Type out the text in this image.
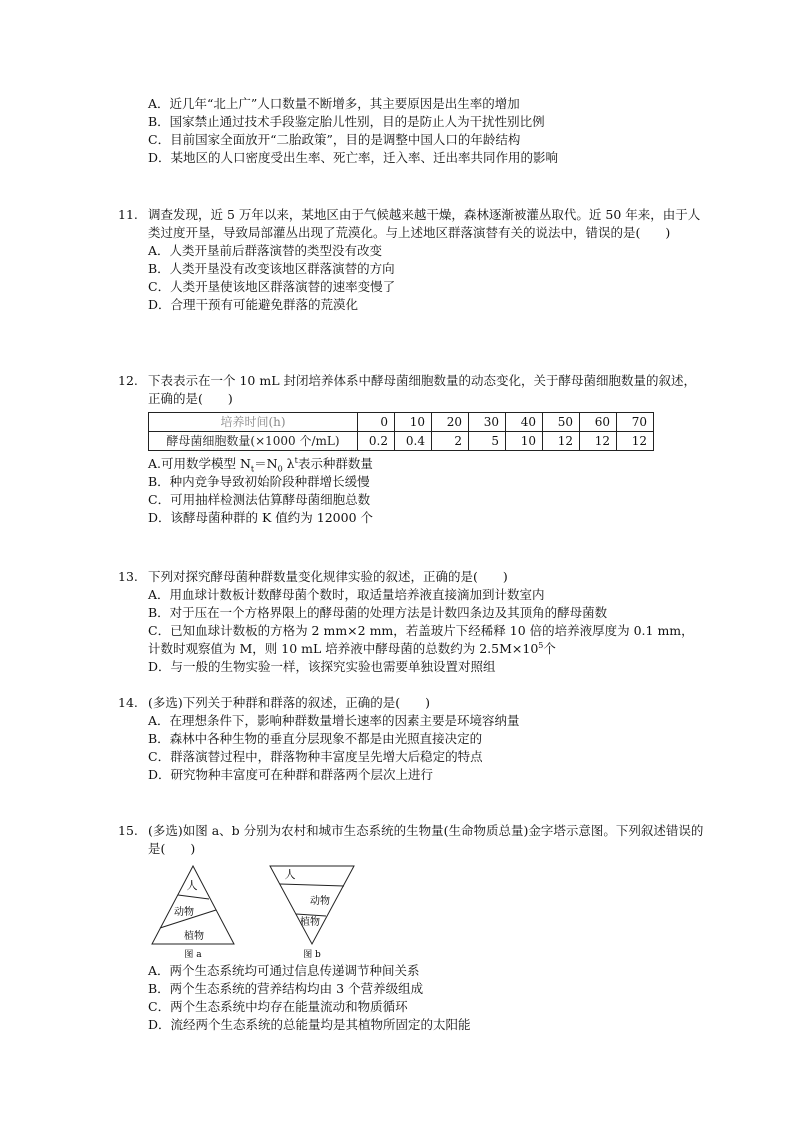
A．近几年“北上广”人口数量不断增多，其主要原因是出生率的增加
B．国家禁止通过技术手段鉴定胎儿性别，目的是防止人为干扰性别比例
C．目前国家全面放开“二胎政策”，目的是调整中国人口的年龄结构
D．某地区的人口密度受出生率、死亡率，迁入率、迁出率共同作用的影响
11. 调查发现，近 5 万年以来，某地区由于气候越来越干燥，森林逐渐被灌丛取代。近 50 年来，由于人类过度开垦，导致局部灌丛出现了荒漠化。与上述地区群落演替有关的说法中，错误的是(　　)
A．人类开垦前后群落演替的类型没有改变
B．人类开垦没有改变该地区群落演替的方向
C．人类开垦使该地区群落演替的速率变慢了
D．合理干预有可能避免群落的荒漠化
12. 下表表示在一个 10 mL 封闭培养体系中酵母菌细胞数量的动态变化，关于酵母菌细胞数量的叙述，正确的是(　　)
培养时间(h)	0	10	20	30	40	50	60	70
酵母菌细胞数量(×1000 个/mL)	0.2	0.4	2	5	10	12	12	12
A.可用数学模型 $N_t=N_0$ $\lambda^t$表示种群数量
B．种内竞争导致初始阶段种群增长缓慢
C．可用抽样检测法估算酵母菌细胞总数
D．该酵母菌种群的 K 值约为 12000 个
13. 下列对探究酵母菌种群数量变化规律实验的叙述，正确的是(　　)
A．用血球计数板计数酵母菌个数时，取适量培养液直接滴加到计数室内
B．对于压在一个方格界限上的酵母菌的处理方法是计数四条边及其顶角的酵母菌数
C．已知血球计数板的方格为 2 mm×2 mm，若盖玻片下经稀释 10 倍的培养液厚度为 0.1 mm，
计数时观察值为 M，则 10 mL 培养液中酵母菌的总数约为 $2.5M\times 10^5$个
D．与一般的生物实验一样，该探究实验也需要单独设置对照组
14. (多选)下列关于种群和群落的叙述，正确的是(　　)
A．在理想条件下，影响种群数量增长速率的因素主要是环境容纳量
B．森林中各种生物的垂直分层现象不都是由光照直接决定的
C．群落演替过程中，群落物种丰富度呈先增大后稳定的特点
D．研究物种丰富度可在种群和群落两个层次上进行
15. (多选)如图 a、b 分别为农村和城市生态系统的生物量(生命物质总量)金字塔示意图。下列叙述错误的是(　　)
人
动物
植物
图 a
人
动物
植物
图 b
A．两个生态系统均可通过信息传递调节种间关系
B．两个生态系统的营养结构均由 3 个营养级组成
C．两个生态系统中均存在能量流动和物质循环
D．流经两个生态系统的总能量均是其植物所固定的太阳能
